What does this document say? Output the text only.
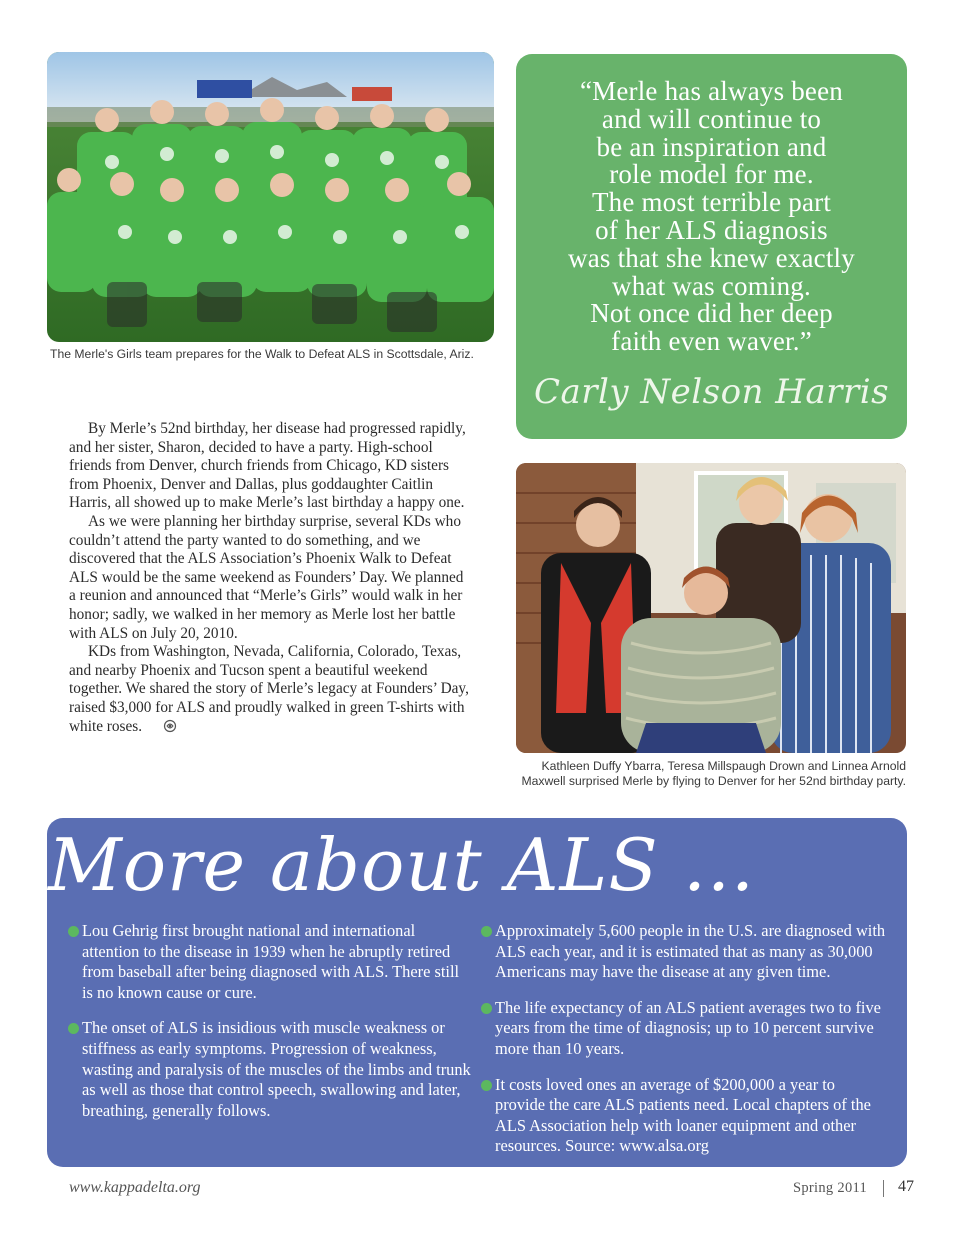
The Merle's Girls team prepares for the Walk to Defeat ALS in Scottsdale, Ariz.
“Merle has always been
and will continue to
be an inspiration and
role model for me.
The most terrible part
of her ALS diagnosis
was that she knew exactly
what was coming.
Not once did her deep
faith even waver.”
Carly Nelson Harris

By Merle’s 52nd birthday, her disease had progressed rapidly, and her sister, Sharon, decided to have a party. High-school friends from Denver, church friends from Chicago, KD sisters from Phoenix, Denver and Dallas, plus goddaughter Caitlin Harris, all showed up to make Merle’s last birthday a happy one.

As we were planning her birthday surprise, several KDs who couldn’t attend the party wanted to do something, and we discovered that the ALS Association’s Phoenix Walk to Defeat ALS would be the same weekend as Founders’ Day. We planned a reunion and announced that “Merle’s Girls” would walk in her honor; sadly, we walked in her memory as Merle lost her battle with ALS on July 20, 2010.

KDs from Washington, Nevada, California, Colorado, Texas, and nearby Phoenix and Tucson spent a beautiful weekend together. We shared the story of Merle’s legacy at Founders’ Day, raised $3,000 for ALS and proudly walked in green T-shirts with white roses.

Kathleen Duffy Ybarra, Teresa Millspaugh Drown and Linnea Arnold
Maxwell surprised Merle by flying to Denver for her 52nd birthday party.
More about ALS …
Lou Gehrig first brought national and international attention to the disease in 1939 when he abruptly retired from baseball after being diagnosed with ALS. There still is no known cause or cure.
The onset of ALS is insidious with muscle weakness or stiffness as early symptoms. Progression of weakness, wasting and paralysis of the muscles of the limbs and trunk as well as those that control speech, swallowing and later, breathing, generally follows.
Approximately 5,600 people in the U.S. are diagnosed with ALS each year, and it is estimated that as many as 30,000 Americans may have the disease at any given time.
The life expectancy of an ALS patient averages two to five years from the time of diagnosis; up to 10 percent survive more than 10 years.
It costs loved ones an average of $200,000 a year to provide the care ALS patients need. Local chapters of the ALS Association help with loaner equipment and other resources. Source: www.alsa.org
www.kappadelta.org	Spring 2011 47
